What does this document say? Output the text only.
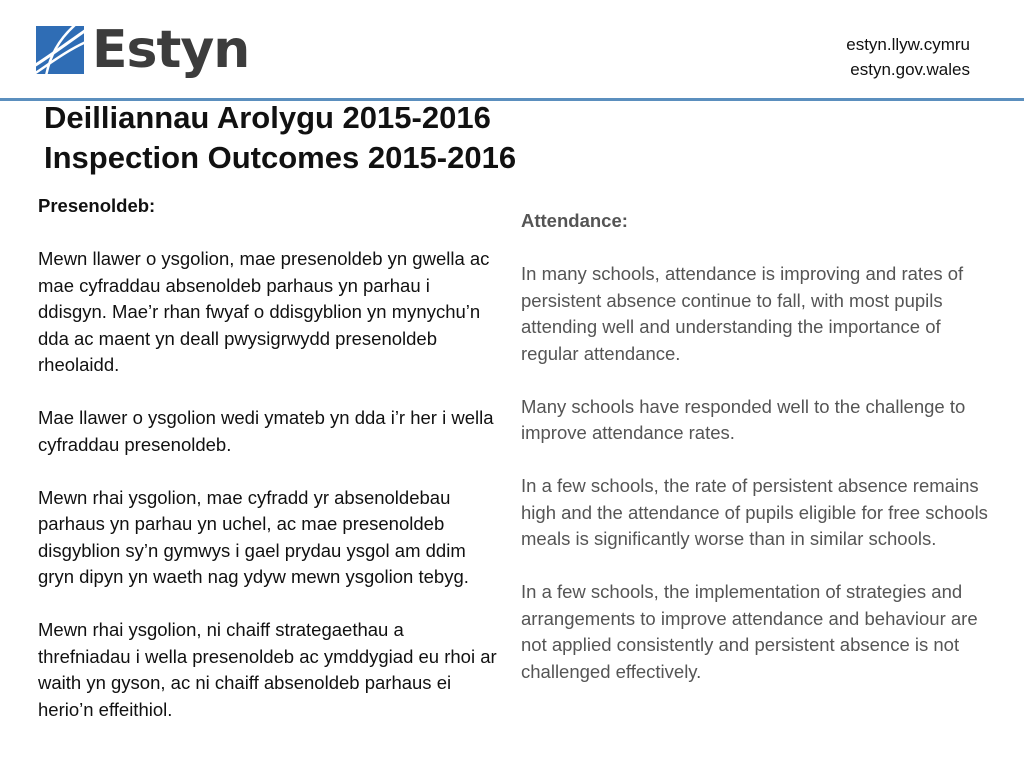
Estyn	estyn.llyw.cymru
estyn.gov.wales
Deilliannau Arolygu 2015-2016
Inspection Outcomes 2015-2016

Presenoldeb:

Mewn llawer o ysgolion, mae presenoldeb yn gwella ac mae cyfraddau absenoldeb parhaus yn parhau i ddisgyn. Mae’r rhan fwyaf o ddisgyblion yn mynychu’n dda ac maent yn deall pwysigrwydd presenoldeb rheolaidd.

Mae llawer o ysgolion wedi ymateb yn dda i’r her i wella cyfraddau presenoldeb.

Mewn rhai ysgolion, mae cyfradd yr absenoldebau parhaus yn parhau yn uchel, ac mae presenoldeb disgyblion sy’n gymwys i gael prydau ysgol am ddim gryn dipyn yn waeth nag ydyw mewn ysgolion tebyg.

Mewn rhai ysgolion, ni chaiff strategaethau a threfniadau i wella presenoldeb ac ymddygiad eu rhoi ar waith yn gyson, ac ni chaiff absenoldeb parhaus ei herio’n effeithiol.

Attendance:

In many schools, attendance is improving and rates of persistent absence continue to fall, with most pupils attending well and understanding the importance of regular attendance.

Many schools have responded well to the challenge to improve attendance rates.

In a few schools, the rate of persistent absence remains high and the attendance of pupils eligible for free schools meals is significantly worse than in similar schools.

In a few schools, the implementation of strategies and arrangements to improve attendance and behaviour are not applied consistently and persistent absence is not challenged effectively.
